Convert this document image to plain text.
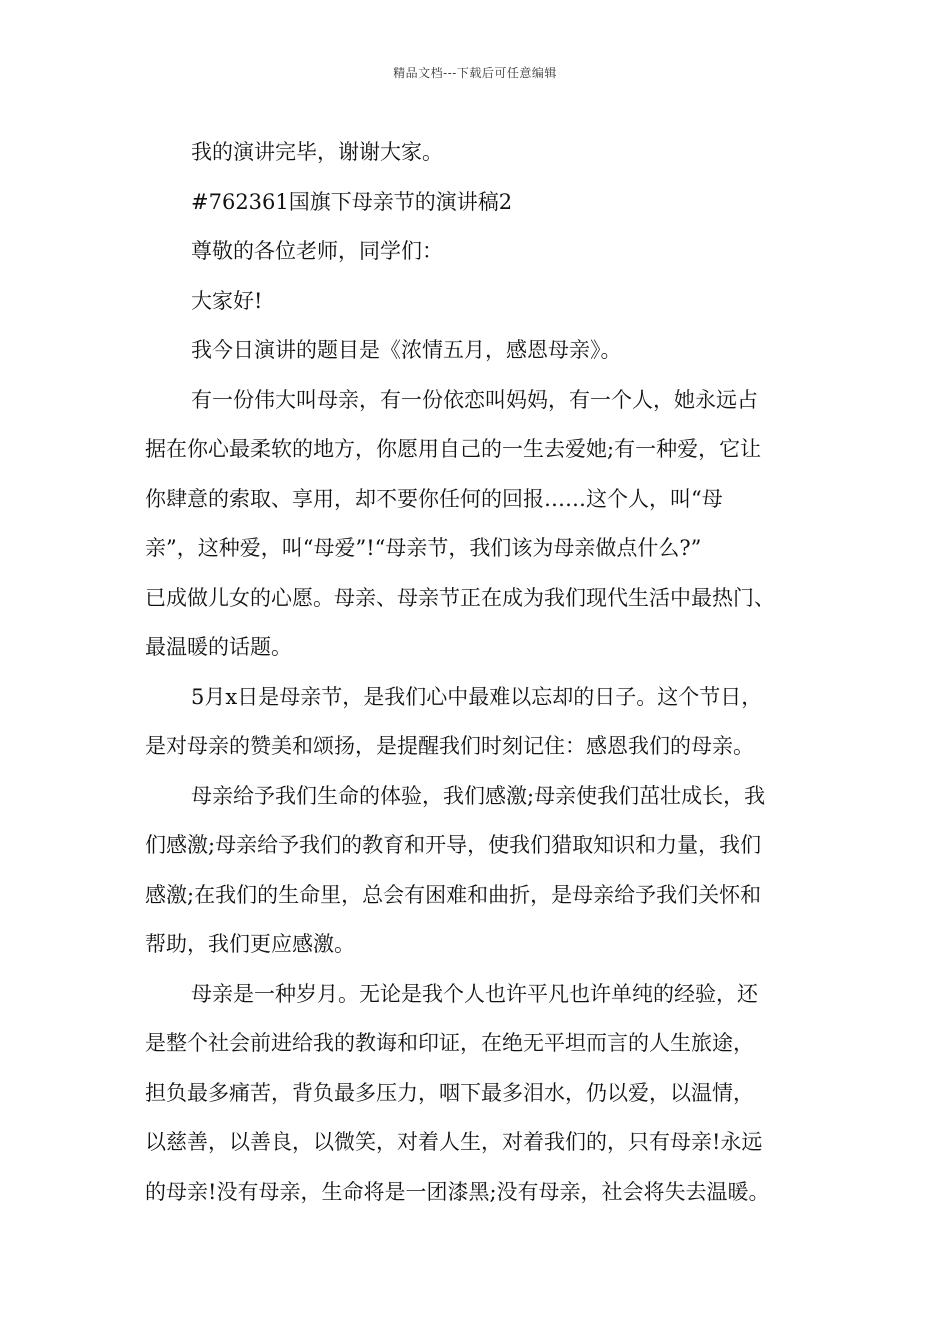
精品文档---下载后可任意编辑

我的演讲完毕，谢谢大家。

#762361国旗下母亲节的演讲稿2

尊敬的各位老师，同学们：

大家好!

我今日演讲的题目是《浓情五月，感恩母亲》。

有一份伟大叫母亲，有一份依恋叫妈妈，有一个人，她永远占
据在你心最柔软的地方，你愿用自己的一生去爱她;有一种爱，它让
你肆意的索取、享用，却不要你任何的回报……这个人，叫“母
亲”，这种爱，叫“母爱”!“母亲节，我们该为母亲做点什么?”
已成做儿女的心愿。母亲、母亲节正在成为我们现代生活中最热门、
最温暖的话题。

5月x日是母亲节，是我们心中最难以忘却的日子。这个节日，
是对母亲的赞美和颂扬，是提醒我们时刻记住：感恩我们的母亲。

母亲给予我们生命的体验，我们感激;母亲使我们茁壮成长，我
们感激;母亲给予我们的教育和开导，使我们猎取知识和力量，我们
感激;在我们的生命里，总会有困难和曲折，是母亲给予我们关怀和
帮助，我们更应感激。

母亲是一种岁月。无论是我个人也许平凡也许单纯的经验，还
是整个社会前进给我的教诲和印证，在绝无平坦而言的人生旅途，
担负最多痛苦，背负最多压力，咽下最多泪水，仍以爱，以温情，
以慈善，以善良，以微笑，对着人生，对着我们的，只有母亲!永远
的母亲!没有母亲，生命将是一团漆黑;没有母亲，社会将失去温暖。
